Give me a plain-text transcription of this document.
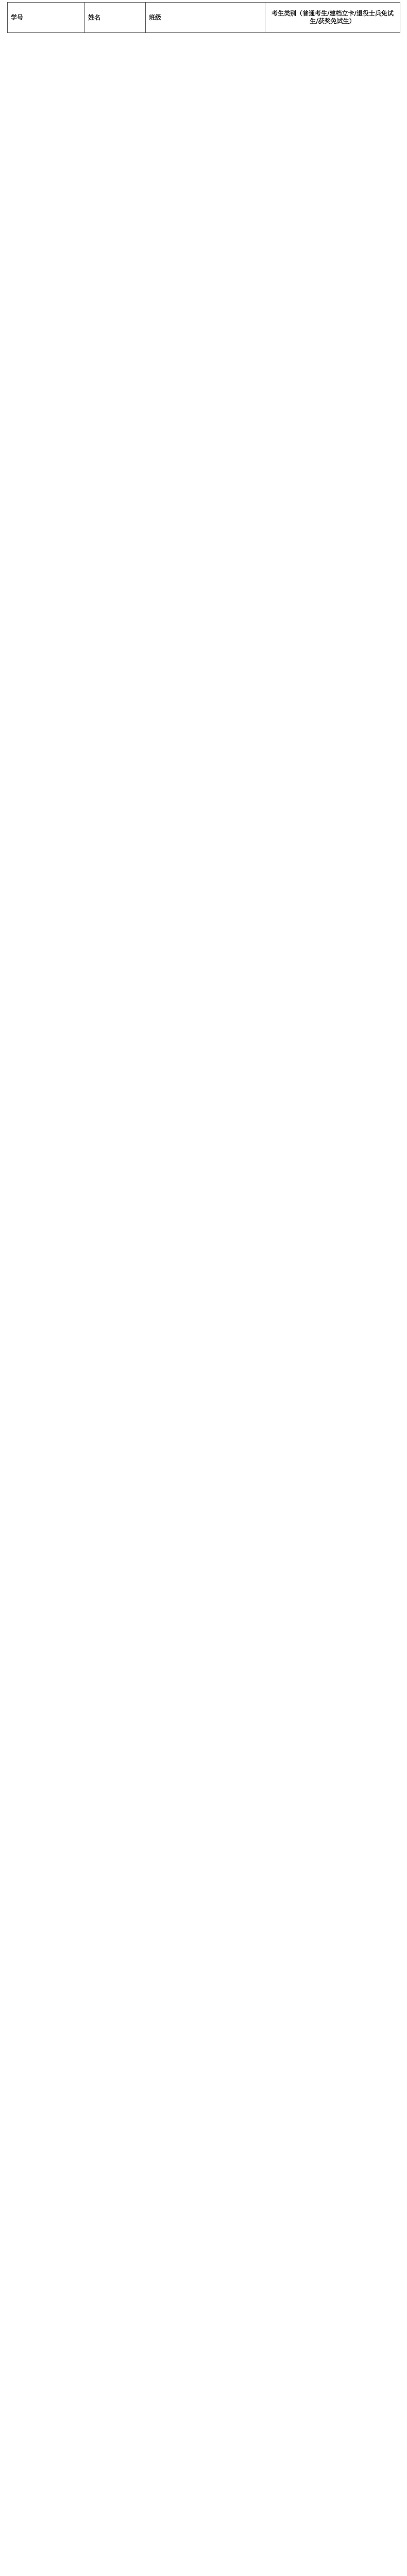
学号	姓名	班级	考生类别（普通考生/建档立卡/退役士兵免试生/获奖免试生）
